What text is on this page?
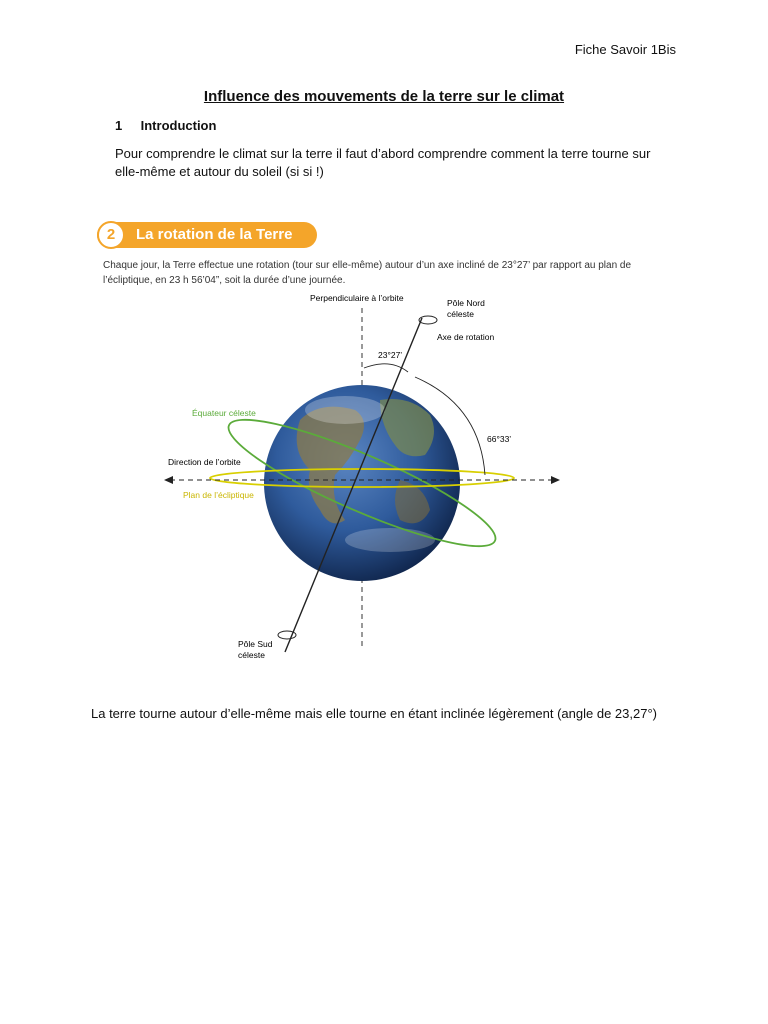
Fiche Savoir 1Bis
Influence des mouvements de la terre sur le climat
1 Introduction
Pour comprendre le climat sur la terre il faut d’abord comprendre comment la terre tourne sur elle-même et autour du soleil (si si !)
2	La rotation de la Terre
Chaque jour, la Terre effectue une rotation (tour sur elle-même) autour d’un axe incliné de 23°27’ par rapport au plan de l’écliptique, en 23 h 56’04”, soit la durée d’une journée.
Perpendiculaire à l’orbite	Pôle Nord
céleste
Axe de rotation
23°27’
66°33’
Équateur céleste
Direction de l’orbite
Plan de l’écliptique
Pôle Sud
céleste
La terre tourne autour d’elle-même mais elle tourne en étant inclinée légèrement (angle de 23,27°)
